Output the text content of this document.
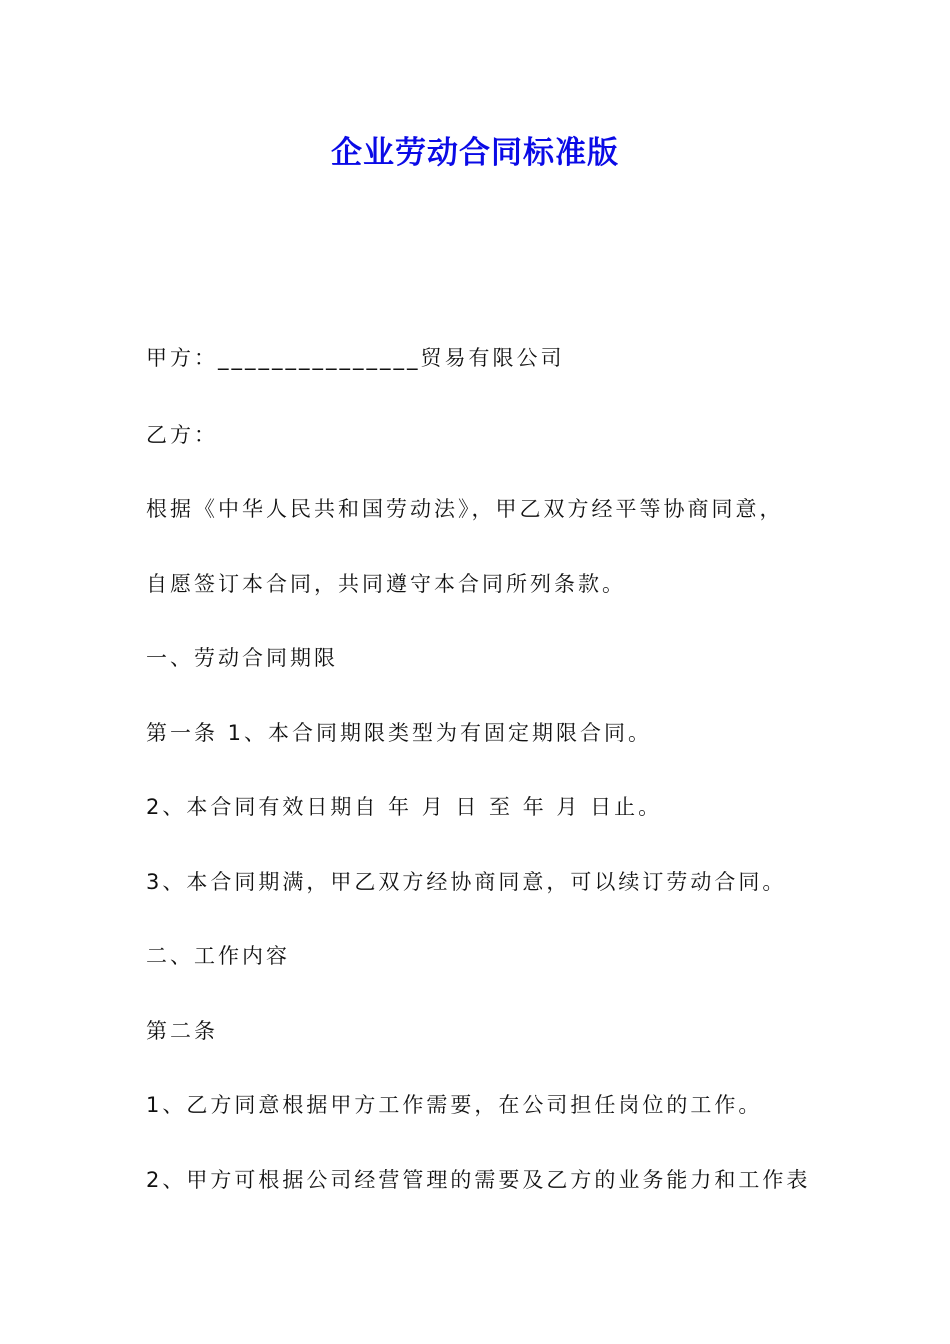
企业劳动合同标准版
甲方：_______________贸易有限公司
乙方：
根据《中华人民共和国劳动法》，甲乙双方经平等协商同意，
自愿签订本合同，共同遵守本合同所列条款。
一、劳动合同期限
第一条 1、本合同期限类型为有固定期限合同。
2、本合同有效日期自 年 月 日 至 年 月 日止。
3、本合同期满，甲乙双方经协商同意，可以续订劳动合同。
二、工作内容
第二条
1、乙方同意根据甲方工作需要，在公司担任岗位的工作。
2、甲方可根据公司经营管理的需要及乙方的业务能力和工作表
